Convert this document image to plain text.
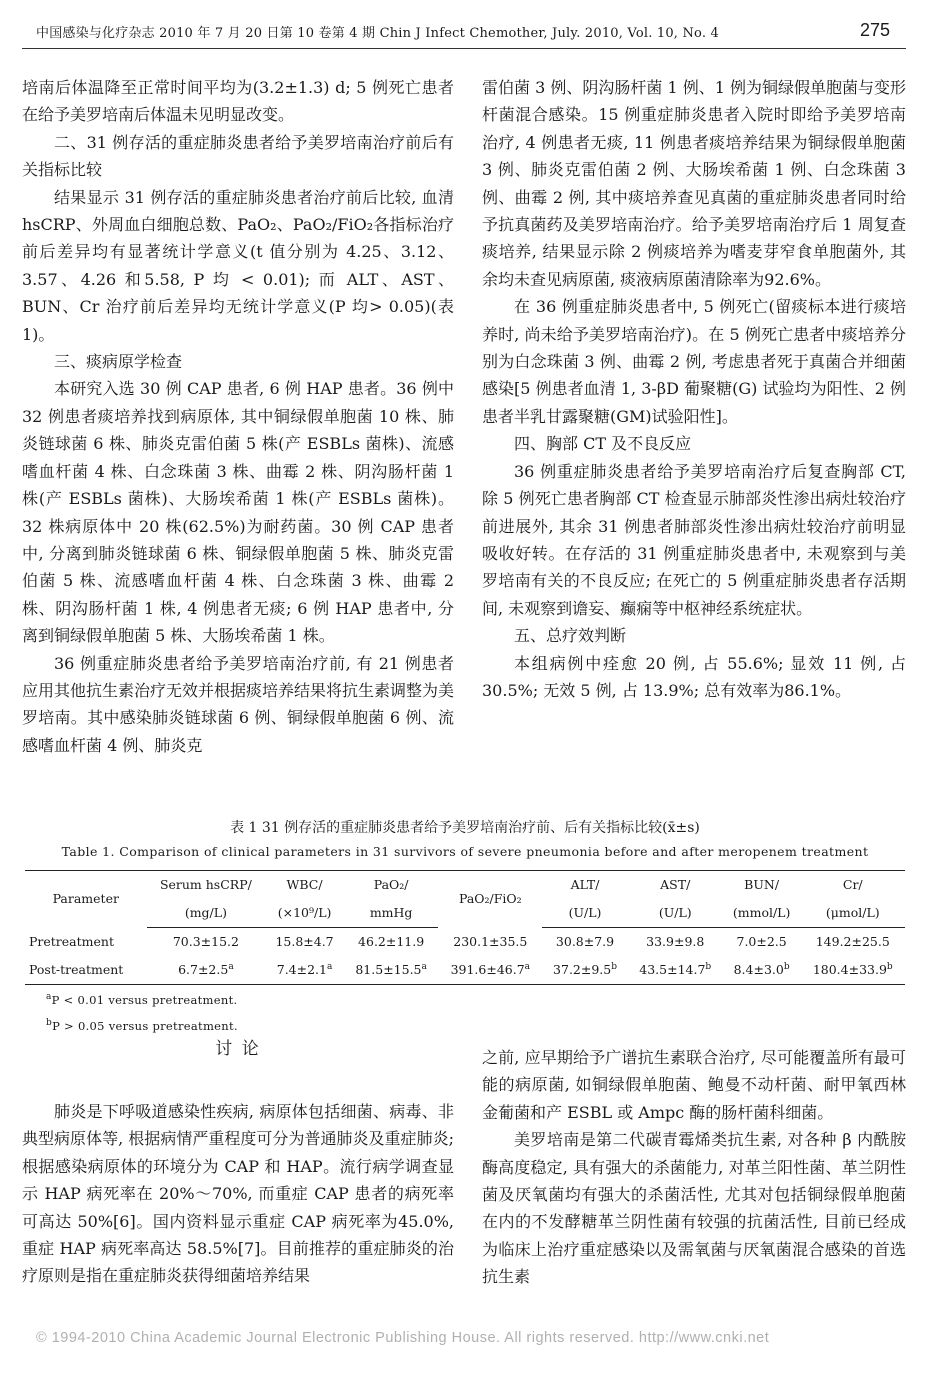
中国感染与化疗杂志 2010 年 7 月 20 日第 10 卷第 4 期 Chin J Infect Chemother, July. 2010, Vol. 10, No. 4	275

培南后体温降至正常时间平均为(3.2±1.3) d; 5 例死亡患者在给予美罗培南后体温未见明显改变。

二、31 例存活的重症肺炎患者给予美罗培南治疗前后有关指标比较

结果显示 31 例存活的重症肺炎患者治疗前后比较, 血清 hsCRP、外周血白细胞总数、PaO₂、PaO₂/FiO₂各指标治疗前后差异均有显著统计学意义(t 值分别为 4.25、3.12、3.57、4.26 和5.58, P 均 < 0.01); 而 ALT、AST、BUN、Cr 治疗前后差异均无统计学意义(P 均> 0.05)(表 1)。

三、痰病原学检查

本研究入选 30 例 CAP 患者, 6 例 HAP 患者。36 例中 32 例患者痰培养找到病原体, 其中铜绿假单胞菌 10 株、肺炎链球菌 6 株、肺炎克雷伯菌 5 株(产 ESBLs 菌株)、流感嗜血杆菌 4 株、白念珠菌 3 株、曲霉 2 株、阴沟肠杆菌 1 株(产 ESBLs 菌株)、大肠埃希菌 1 株(产 ESBLs 菌株)。32 株病原体中 20 株(62.5%)为耐药菌。30 例 CAP 患者中, 分离到肺炎链球菌 6 株、铜绿假单胞菌 5 株、肺炎克雷伯菌 5 株、流感嗜血杆菌 4 株、白念珠菌 3 株、曲霉 2 株、阴沟肠杆菌 1 株, 4 例患者无痰; 6 例 HAP 患者中, 分离到铜绿假单胞菌 5 株、大肠埃希菌 1 株。

36 例重症肺炎患者给予美罗培南治疗前, 有 21 例患者应用其他抗生素治疗无效并根据痰培养结果将抗生素调整为美罗培南。其中感染肺炎链球菌 6 例、铜绿假单胞菌 6 例、流感嗜血杆菌 4 例、肺炎克

雷伯菌 3 例、阴沟肠杆菌 1 例、1 例为铜绿假单胞菌与变形杆菌混合感染。15 例重症肺炎患者入院时即给予美罗培南治疗, 4 例患者无痰, 11 例患者痰培养结果为铜绿假单胞菌 3 例、肺炎克雷伯菌 2 例、大肠埃希菌 1 例、白念珠菌 3 例、曲霉 2 例, 其中痰培养查见真菌的重症肺炎患者同时给予抗真菌药及美罗培南治疗。给予美罗培南治疗后 1 周复查痰培养, 结果显示除 2 例痰培养为嗜麦芽窄食单胞菌外, 其余均未查见病原菌, 痰液病原菌清除率为92.6%。

在 36 例重症肺炎患者中, 5 例死亡(留痰标本进行痰培养时, 尚未给予美罗培南治疗)。在 5 例死亡患者中痰培养分别为白念珠菌 3 例、曲霉 2 例, 考虑患者死于真菌合并细菌感染[5 例患者血清 1, 3-βD 葡聚糖(G) 试验均为阳性、2 例患者半乳甘露聚糖(GM)试验阳性]。

四、胸部 CT 及不良反应

36 例重症肺炎患者给予美罗培南治疗后复查胸部 CT, 除 5 例死亡患者胸部 CT 检查显示肺部炎性渗出病灶较治疗前进展外, 其余 31 例患者肺部炎性渗出病灶较治疗前明显吸收好转。在存活的 31 例重症肺炎患者中, 未观察到与美罗培南有关的不良反应; 在死亡的 5 例重症肺炎患者存活期间, 未观察到谵妄、癫痫等中枢神经系统症状。

五、总疗效判断

本组病例中痊愈 20 例, 占 55.6%; 显效 11 例, 占 30.5%; 无效 5 例, 占 13.9%; 总有效率为86.1%。

表 1 31 例存活的重症肺炎患者给予美罗培南治疗前、后有关指标比较(x̄±s)
Table 1. Comparison of clinical parameters in 31 survivors of severe pneumonia before and after meropenem treatment
Parameter	Serum hsCRP/	WBC/	PaO₂/	PaO₂/FiO₂	ALT/	AST/	BUN/	Cr/
	(mg/L)	(×10⁹/L)	mmHg		(U/L)	(U/L)	(mmol/L)	(μmol/L)
Pretreatment	70.3±15.2	15.8±4.7	46.2±11.9	230.1±35.5	30.8±7.9	33.9±9.8	7.0±2.5	149.2±25.5
Post-treatment	6.7±2.5$^a$	7.4±2.1$^a$	81.5±15.5$^a$	391.6±46.7$^a$	37.2±9.5$^b$	43.5±14.7$^b$	8.4±3.0$^b$	180.4±33.9$^b$
$^a$P < 0.01 versus pretreatment.
$^b$P > 0.05 versus pretreatment.
讨 论

肺炎是下呼吸道感染性疾病, 病原体包括细菌、病毒、非典型病原体等, 根据病情严重程度可分为普通肺炎及重症肺炎; 根据感染病原体的环境分为 CAP 和 HAP。流行病学调查显示 HAP 病死率在 20%～70%, 而重症 CAP 患者的病死率可高达 50%[6]。国内资料显示重症 CAP 病死率为45.0%, 重症 HAP 病死率高达 58.5%[7]。目前推荐的重症肺炎的治疗原则是指在重症肺炎获得细菌培养结果

之前, 应早期给予广谱抗生素联合治疗, 尽可能覆盖所有最可能的病原菌, 如铜绿假单胞菌、鲍曼不动杆菌、耐甲氧西林金葡菌和产 ESBL 或 Ampc 酶的肠杆菌科细菌。

美罗培南是第二代碳青霉烯类抗生素, 对各种 β 内酰胺酶高度稳定, 具有强大的杀菌能力, 对革兰阳性菌、革兰阴性菌及厌氧菌均有强大的杀菌活性, 尤其对包括铜绿假单胞菌在内的不发酵糖革兰阴性菌有较强的抗菌活性, 目前已经成为临床上治疗重症感染以及需氧菌与厌氧菌混合感染的首选抗生素

© 1994-2010 China Academic Journal Electronic Publishing House. All rights reserved. http://www.cnki.net
